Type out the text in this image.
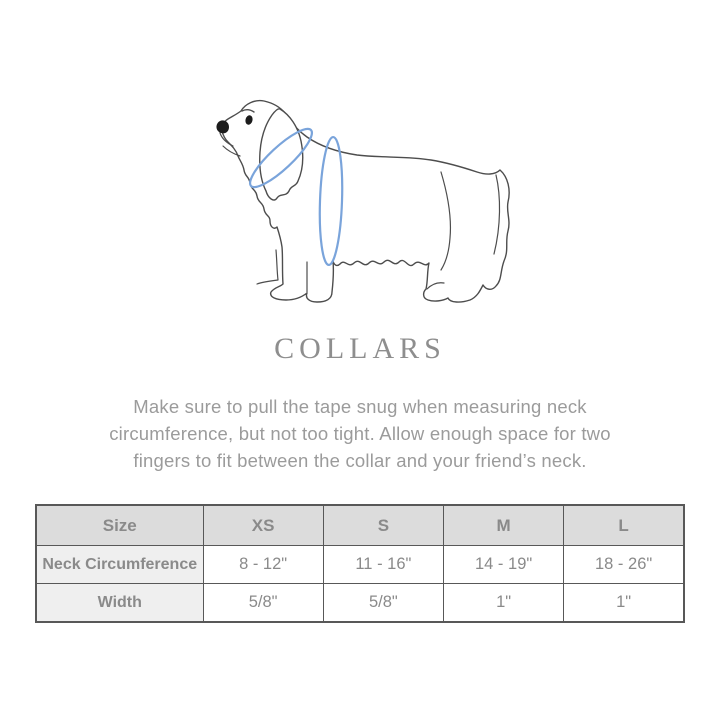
COLLARS

Make sure to pull the tape snug when measuring neck
circumference, but not too tight. Allow enough space for two
fingers to fit between the collar and your friend’s neck.

Size	XS	S	M	L
Neck Circumference	8 - 12"	11 - 16"	14 - 19"	18 - 26"
Width	5/8"	5/8"	1"	1"
